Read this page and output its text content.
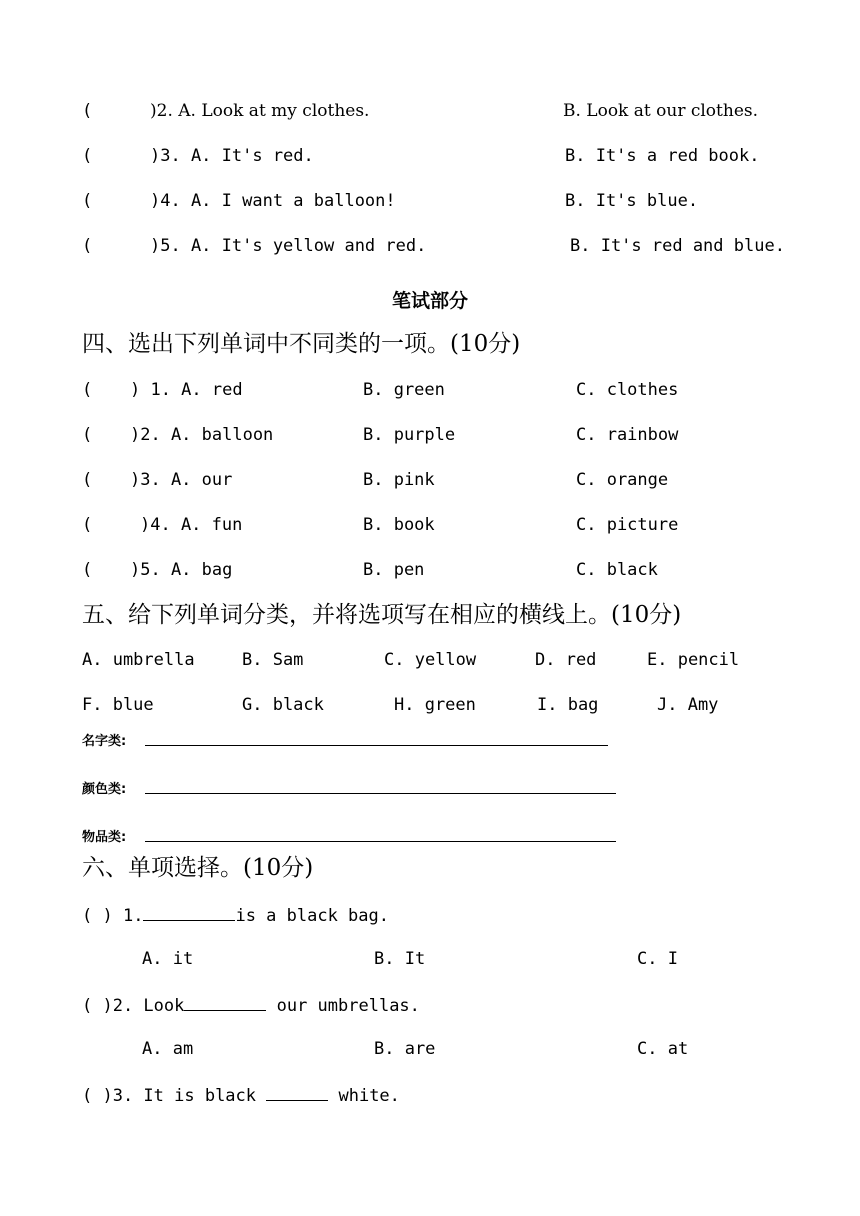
(	)2. A. Look at my clothes.	B. Look at our clothes.
(	)3. A. It's red.	B. It's a red book.
(	)4. A. I want a balloon!	B. It's blue.
(	)5. A. It's yellow and red.	B. It's red and blue.
笔试部分
四、选出下列单词中不同类的一项。(10分)
( ) 1. A. red	B. green	C. clothes
( )2. A. balloon	B. purple	C. rainbow
( )3. A. our	B. pink	C. orange
(	)4. A. fun	B. book	C. picture
( )5. A. bag	B. pen	C. black
五、给下列单词分类，并将选项写在相应的横线上。(10分)
A. umbrella	B. Sam	C. yellow	D. red	E. pencil
F. blue	G. black	H. green	I. bag	J. Amy
名字类:
颜色类:
物品类:
六、单项选择。(10分)
( ) 1.	is a black bag.
A. it	B. It	C. I
( )2. Look	our umbrellas.
A. am	B. are	C. at
( )3. It is black	white.
